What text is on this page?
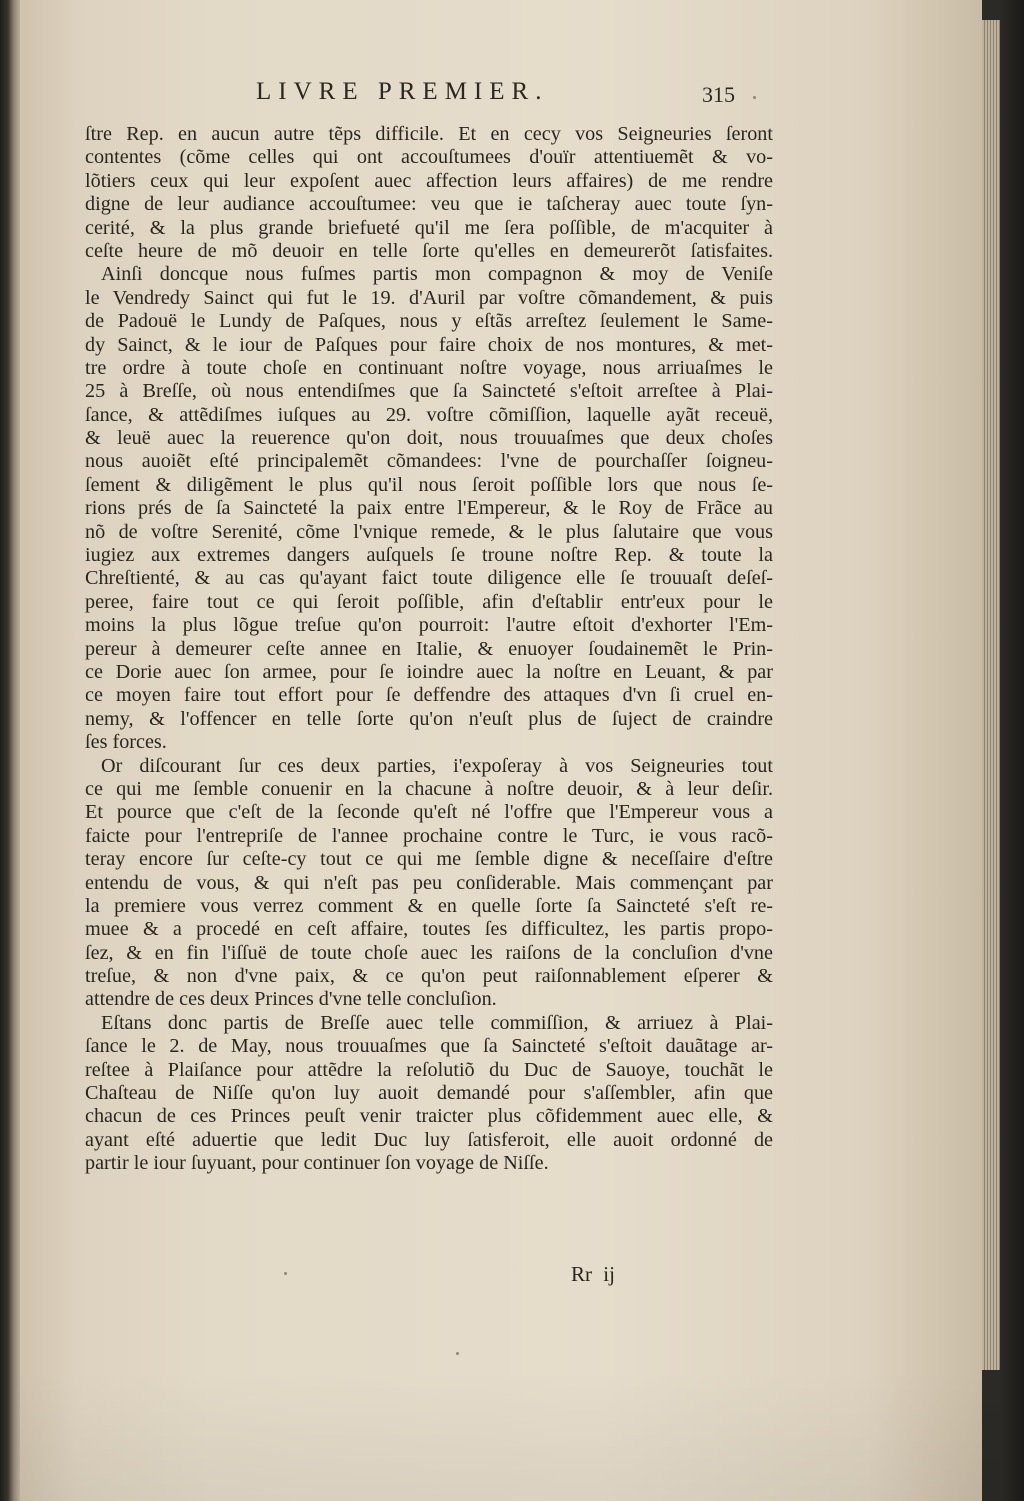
LIVRE PREMIER.	315
ſtre Rep. en aucun autre tẽps difficile. Et en cecy vos Seigneuries ſeront
contentes (cõme celles qui ont accouſtumees d'ouïr attentiuemẽt & vo-
lõtiers ceux qui leur expoſent auec affection leurs affaires) de me rendre
digne de leur audiance accouſtumee: veu que ie taſcheray auec toute ſyn-
cerité, & la plus grande briefueté qu'il me ſera poſſible, de m'acquiter à
ceſte heure de mõ deuoir en telle ſorte qu'elles en demeurerõt ſatisfaites.
Ainſi doncque nous fuſmes partis mon compagnon & moy de Veniſe
le Vendredy Sainct qui fut le 19. d'Auril par voſtre cõmandement, & puis
de Padouë le Lundy de Paſques, nous y eſtãs arreſtez ſeulement le Same-
dy Sainct, & le iour de Paſques pour faire choix de nos montures, & met-
tre ordre à toute choſe en continuant noſtre voyage, nous arriuaſmes le
25 à Breſſe, où nous entendiſmes que ſa Saincteté s'eſtoit arreſtee à Plai-
ſance, & attẽdiſmes iuſques au 29. voſtre cõmiſſion, laquelle ayãt receuë,
& leuë auec la reuerence qu'on doit, nous trouuaſmes que deux choſes
nous auoiẽt eſté principalemẽt cõmandees: l'vne de pourchaſſer ſoigneu-
ſement & diligẽment le plus qu'il nous ſeroit poſſible lors que nous ſe-
rions prés de ſa Saincteté la paix entre l'Empereur, & le Roy de Frãce au
nõ de voſtre Serenité, cõme l'vnique remede, & le plus ſalutaire que vous
iugiez aux extremes dangers auſquels ſe troune noſtre Rep. & toute la
Chreſtienté, & au cas qu'ayant faict toute diligence elle ſe trouuaſt deſeſ-
peree, faire tout ce qui ſeroit poſſible, afin d'eſtablir entr'eux pour le
moins la plus lõgue treſue qu'on pourroit: l'autre eſtoit d'exhorter l'Em-
pereur à demeurer ceſte annee en Italie, & enuoyer ſoudainemẽt le Prin-
ce Dorie auec ſon armee, pour ſe ioindre auec la noſtre en Leuant, & par
ce moyen faire tout effort pour ſe deffendre des attaques d'vn ſi cruel en-
nemy, & l'offencer en telle ſorte qu'on n'euſt plus de ſuject de craindre
ſes forces.
Or diſcourant ſur ces deux parties, i'expoſeray à vos Seigneuries tout
ce qui me ſemble conuenir en la chacune à noſtre deuoir, & à leur deſir.
Et pource que c'eſt de la ſeconde qu'eſt né l'offre que l'Empereur vous a
faicte pour l'entrepriſe de l'annee prochaine contre le Turc, ie vous racõ-
teray encore ſur ceſte-cy tout ce qui me ſemble digne & neceſſaire d'eſtre
entendu de vous, & qui n'eſt pas peu conſiderable. Mais commençant par
la premiere vous verrez comment & en quelle ſorte ſa Saincteté s'eſt re-
muee & a procedé en ceſt affaire, toutes ſes difficultez, les partis propo-
ſez, & en fin l'iſſuë de toute choſe auec les raiſons de la concluſion d'vne
treſue, & non d'vne paix, & ce qu'on peut raiſonnablement eſperer &
attendre de ces deux Princes d'vne telle concluſion.
Eſtans donc partis de Breſſe auec telle commiſſion, & arriuez à Plai-
ſance le 2. de May, nous trouuaſmes que ſa Saincteté s'eſtoit dauãtage ar-
reſtee à Plaiſance pour attẽdre la reſolutiõ du Duc de Sauoye, touchãt le
Chaſteau de Niſſe qu'on luy auoit demandé pour s'aſſembler, afin que
chacun de ces Princes peuſt venir traicter plus cõfidemment auec elle, &
ayant eſté aduertie que ledit Duc luy ſatisferoit, elle auoit ordonné de
partir le iour ſuyuant, pour continuer ſon voyage de Niſſe.
Rr ij
